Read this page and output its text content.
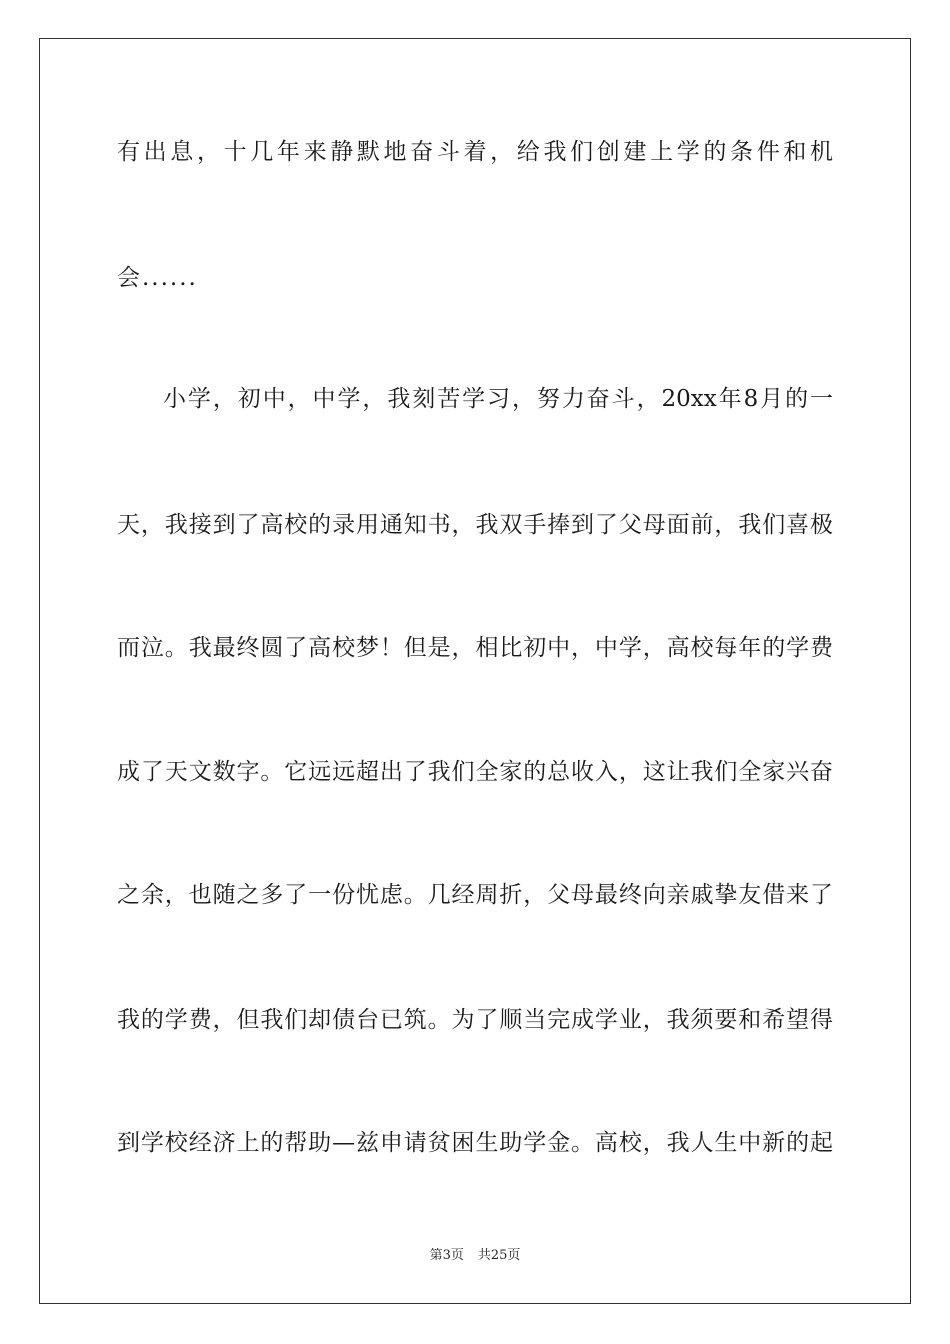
有出息，十几年来静默地奋斗着，给我们创建上学的条件和机
会......
小学，初中，中学，我刻苦学习，努力奋斗，20xx年8月的一
天，我接到了高校的录用通知书，我双手捧到了父母面前，我们喜极
而泣。我最终圆了高校梦！但是，相比初中，中学，高校每年的学费
成了天文数字。它远远超出了我们全家的总收入，这让我们全家兴奋
之余，也随之多了一份忧虑。几经周折，父母最终向亲戚挚友借来了
我的学费，但我们却债台已筑。为了顺当完成学业，我须要和希望得
到学校经济上的帮助—兹申请贫困生助学金。高校，我人生中新的起
第3页 共25页
